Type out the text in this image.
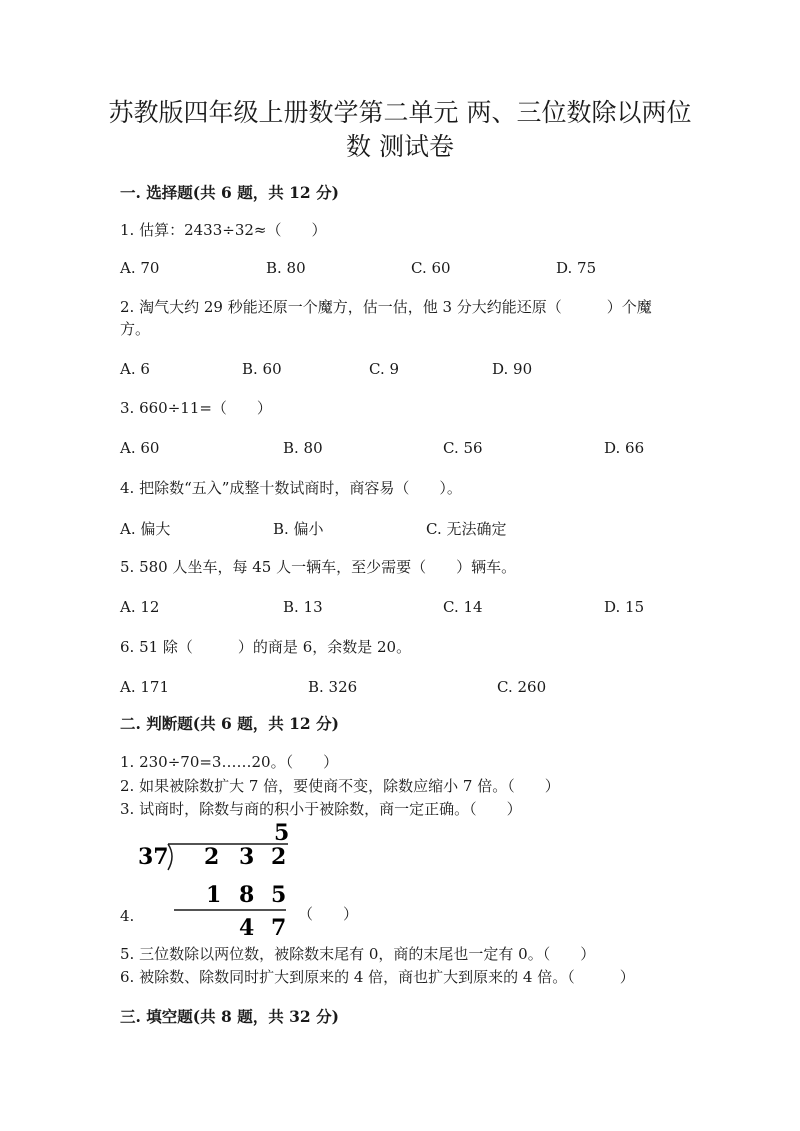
苏教版四年级上册数学第二单元 两、三位数除以两位数 测试卷
一. 选择题(共 6 题，共 12 分)
1. 估算：2433÷32≈（　　）
A. 70	B. 80	C. 60	D. 75
2. 淘气大约 29 秒能还原一个魔方，估一估，他 3 分大约能还原（　　　）个魔方。
A. 6	B. 60	C. 9	D. 90
3. 660÷11=（　　）
A. 60	B. 80	C. 56	D. 66
4. 把除数“五入”成整十数试商时，商容易（　　）。
A. 偏大	B. 偏小	C. 无法确定
5. 580 人坐车，每 45 人一辆车，至少需要（　　）辆车。
A. 12	B. 13	C. 14	D. 15
6. 51 除（　　　）的商是 6，余数是 20。
A. 171	B. 326	C. 260
二. 判断题(共 6 题，共 12 分)
1. 230÷70=3……20。（　　）
2. 如果被除数扩大 7 倍，要使商不变，除数应缩小 7 倍。（　　）
3. 试商时，除数与商的积小于被除数，商一定正确。（　　）
4.
5
37 2 3 2
1 8 5
4 7
（　　）
5. 三位数除以两位数，被除数末尾有 0，商的末尾也一定有 0。（　　）
6. 被除数、除数同时扩大到原来的 4 倍，商也扩大到原来的 4 倍。（　　　）
三. 填空题(共 8 题，共 32 分)
